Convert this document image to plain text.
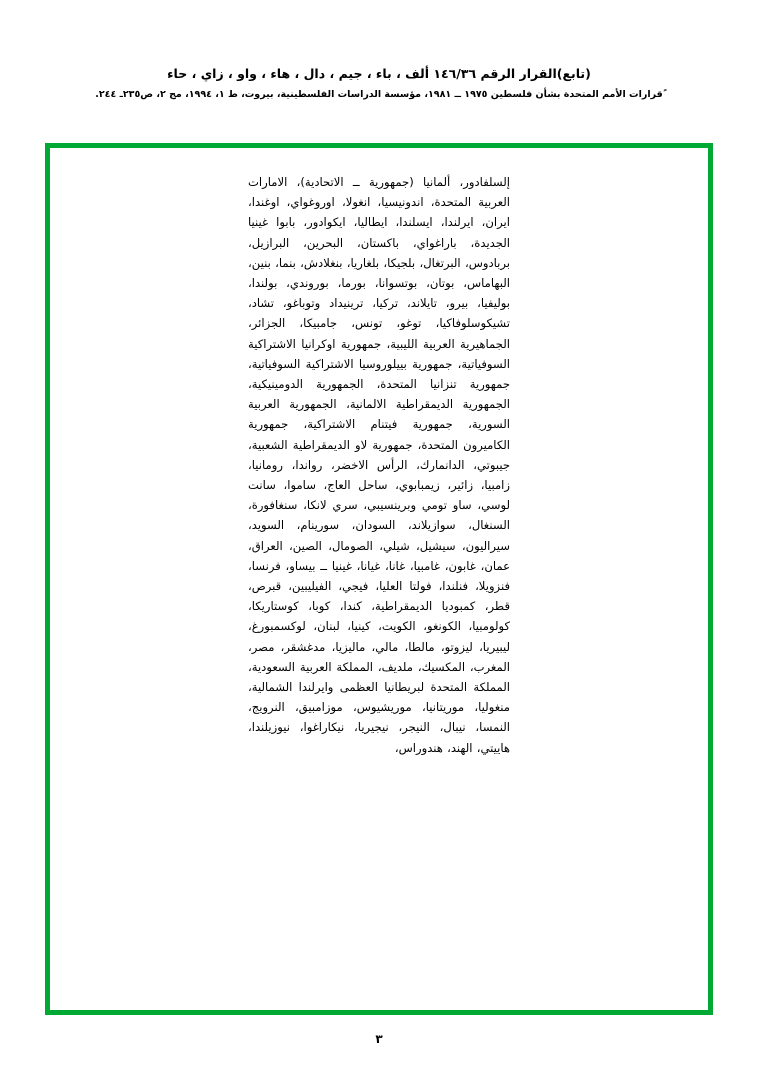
(تابع)القرار الرقم ١٤٦/٣٦ ألف ، باء ، جيم ، دال ، هاء ، واو ، زاي ، حاء
ًقرارات الأمم المتحدة بشأن فلسطين ١٩٧٥ ــ ١٩٨١، مؤسسة الدراسات الفلسطينية، بيروت، ط ١، ١٩٩٤، مج ٢، ص٢٣٥ـ ٢٤٤.
إلسلفادور، ألمانيا (جمهورية ــ الاتحادية)، الامارات العربية المتحدة، اندونيسيا، انغولا، اوروغواي، اوغندا، ايران، ايرلندا، ايسلندا، ايطاليا، ايكوادور، بابوا غينيا الجديدة، باراغواي، باكستان، البحرين، البرازيل، بربادوس، البرتغال، بلجيكا، بلغاريا، بنغلادش، بنما، بنين، البهاماس، بوتان، بوتسوانا، بورما، بوروندي، بولندا، بوليفيا، بيرو، تايلاند، تركيا، ترينيداد وتوباغو، تشاد، تشيكوسلوفاكيا، توغو، تونس، جامبيكا، الجزائر، الجماهيرية العربية الليبية، جمهورية اوكرانيا الاشتراكية السوفياتية، جمهورية بييلوروسيا الاشتراكية السوفياتية، جمهورية تنزانيا المتحدة، الجمهورية الدومينيكية، الجمهورية الديمقراطية الالمانية، الجمهورية العربية السورية، جمهورية فيتنام الاشتراكية، جمهورية الكاميرون المتحدة، جمهورية لاو الديمقراطية الشعبية، جيبوتي، الدانمارك، الرأس الاخضر، رواندا، رومانيا، زامبيا، زائير، زيمبابوي، ساحل العاج، ساموا، سانت لوسي، ساو تومي وبرينسيبي، سري لانكا، سنغافورة، السنغال، سوازيلاند، السودان، سورينام، السويد، سيراليون، سيشيل، شيلي، الصومال، الصين، العراق، عمان، غابون، غامبيا، غانا، غيانا، غينيا ــ بيساو، فرنسا، فنزويلا، فنلندا، فولتا العليا، فيجي، الفيليبين، قبرص، قطر، كمبوديا الديمقراطية، كندا، كوبا، كوستاريكا، كولومبيا، الكونغو، الكويت، كينيا، لبنان، لوكسمبورغ، ليبيريا، ليزوتو، مالطا، مالي، ماليزيا، مدغشقر، مصر، المغرب، المكسيك، ملديف، المملكة العربية السعودية، المملكة المتحدة لبريطانيا العظمى وايرلندا الشمالية، منغوليا، موريتانيا، موريشيوس، موزامبيق، النرويج، النمسا، نيبال، النيجر، نيجيريا، نيكاراغوا، نيوزيلندا، هاييتي، الهند، هندوراس،
٣
